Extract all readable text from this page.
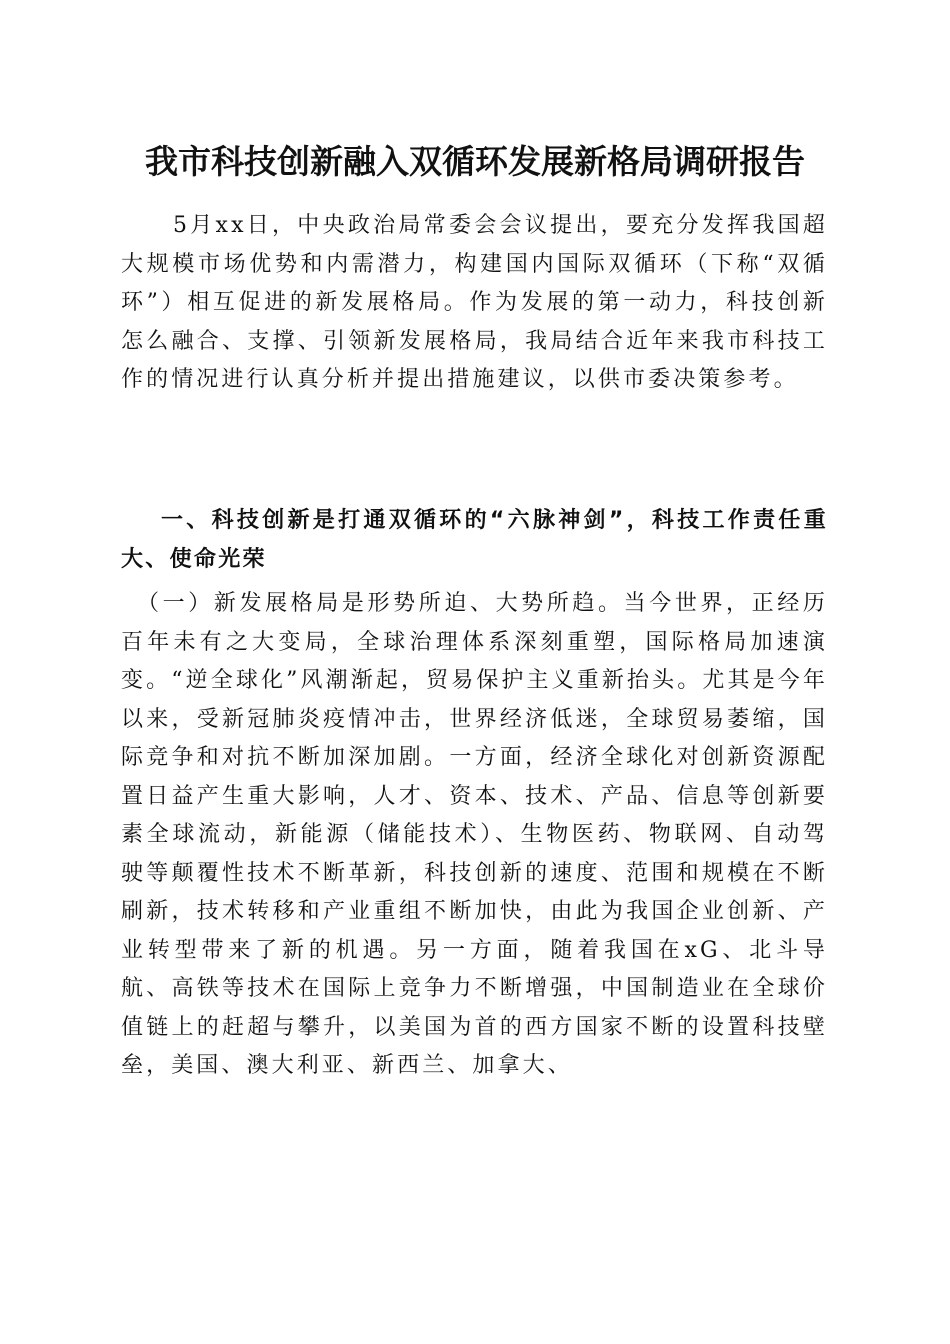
我市科技创新融入双循环发展新格局调研报告

5月xx日，中央政治局常委会会议提出，要充分发挥我国超大规模市场优势和内需潜力，构建国内国际双循环（下称“双循环”）相互促进的新发展格局。作为发展的第一动力，科技创新怎么融合、支撑、引领新发展格局，我局结合近年来我市科技工作的情况进行认真分析并提出措施建议，以供市委决策参考。

一、科技创新是打通双循环的“六脉神剑”，科技工作责任重大、使命光荣

（一）新发展格局是形势所迫、大势所趋。当今世界，正经历百年未有之大变局，全球治理体系深刻重塑，国际格局加速演变。“逆全球化”风潮渐起，贸易保护主义重新抬头。尤其是今年以来，受新冠肺炎疫情冲击，世界经济低迷，全球贸易萎缩，国际竞争和对抗不断加深加剧。一方面，经济全球化对创新资源配置日益产生重大影响，人才、资本、技术、产品、信息等创新要素全球流动，新能源（储能技术）、生物医药、物联网、自动驾驶等颠覆性技术不断革新，科技创新的速度、范围和规模在不断刷新，技术转移和产业重组不断加快，由此为我国企业创新、产业转型带来了新的机遇。另一方面，随着我国在xG、北斗导航、高铁等技术在国际上竞争力不断增强，中国制造业在全球价值链上的赶超与攀升，以美国为首的西方国家不断的设置科技壁垒，美国、澳大利亚、新西兰、加拿大、
